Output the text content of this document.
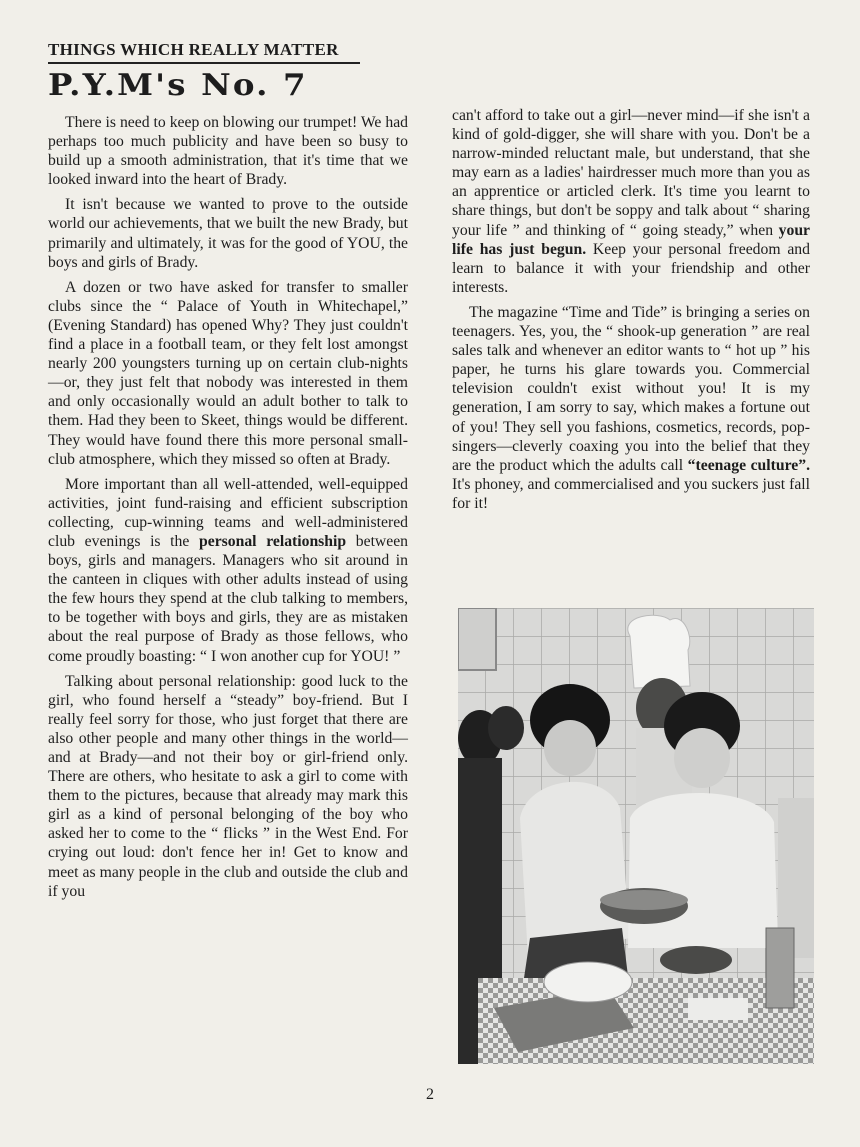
THINGS WHICH REALLY MATTER
P.Y.M's No. 7

There is need to keep on blowing our trumpet! We had perhaps too much publicity and have been so busy to build up a smooth administration, that it's time that we looked inward into the heart of Brady.

It isn't because we wanted to prove to the outside world our achievements, that we built the new Brady, but primarily and ultimately, it was for the good of YOU, the boys and girls of Brady.

A dozen or two have asked for transfer to smaller clubs since the “ Palace of Youth in Whitechapel,” (Evening Standard) has opened Why? They just couldn't find a place in a football team, or they felt lost amongst nearly 200 youngsters turning up on certain club-nights—or, they just felt that nobody was interested in them and only occasionally would an adult bother to talk to them. Had they been to Skeet, things would be different. They would have found there this more personal small-club atmosphere, which they missed so often at Brady.

More important than all well-attended, well-equipped activities, joint fund-raising and efficient subscription collecting, cup-winning teams and well-administered club evenings is the personal relationship between boys, girls and managers. Managers who sit around in the canteen in cliques with other adults instead of using the few hours they spend at the club talking to members, to be together with boys and girls, they are as mistaken about the real purpose of Brady as those fellows, who come proudly boasting: “ I won another cup for YOU! ”

Talking about personal relationship: good luck to the girl, who found herself a “steady” boy-friend. But I really feel sorry for those, who just forget that there are also other people and many other things in the world—and at Brady—and not their boy or girl-friend only. There are others, who hesitate to ask a girl to come with them to the pictures, because that already may mark this girl as a kind of personal belonging of the boy who asked her to come to the “ flicks ” in the West End. For crying out loud: don't fence her in! Get to know and meet as many people in the club and outside the club and if you

can't afford to take out a girl—never mind—if she isn't a kind of gold-digger, she will share with you. Don't be a narrow-minded reluctant male, but understand, that she may earn as a ladies' hairdresser much more than you as an apprentice or articled clerk. It's time you learnt to share things, but don't be soppy and talk about “ sharing your life ” and thinking of “ going steady,” when your life has just begun. Keep your personal freedom and learn to balance it with your friendship and other interests.

The magazine “Time and Tide” is bringing a series on teenagers. Yes, you, the “ shook-up generation ” are real sales talk and whenever an editor wants to “ hot up ” his paper, he turns his glare towards you. Commercial television couldn't exist without you! It is my generation, I am sorry to say, which makes a fortune out of you! They sell you fashions, cosmetics, records, pop-singers—cleverly coaxing you into the belief that they are the product which the adults call “teenage culture”. It's phoney, and commercialised and you suckers just fall for it!

2
